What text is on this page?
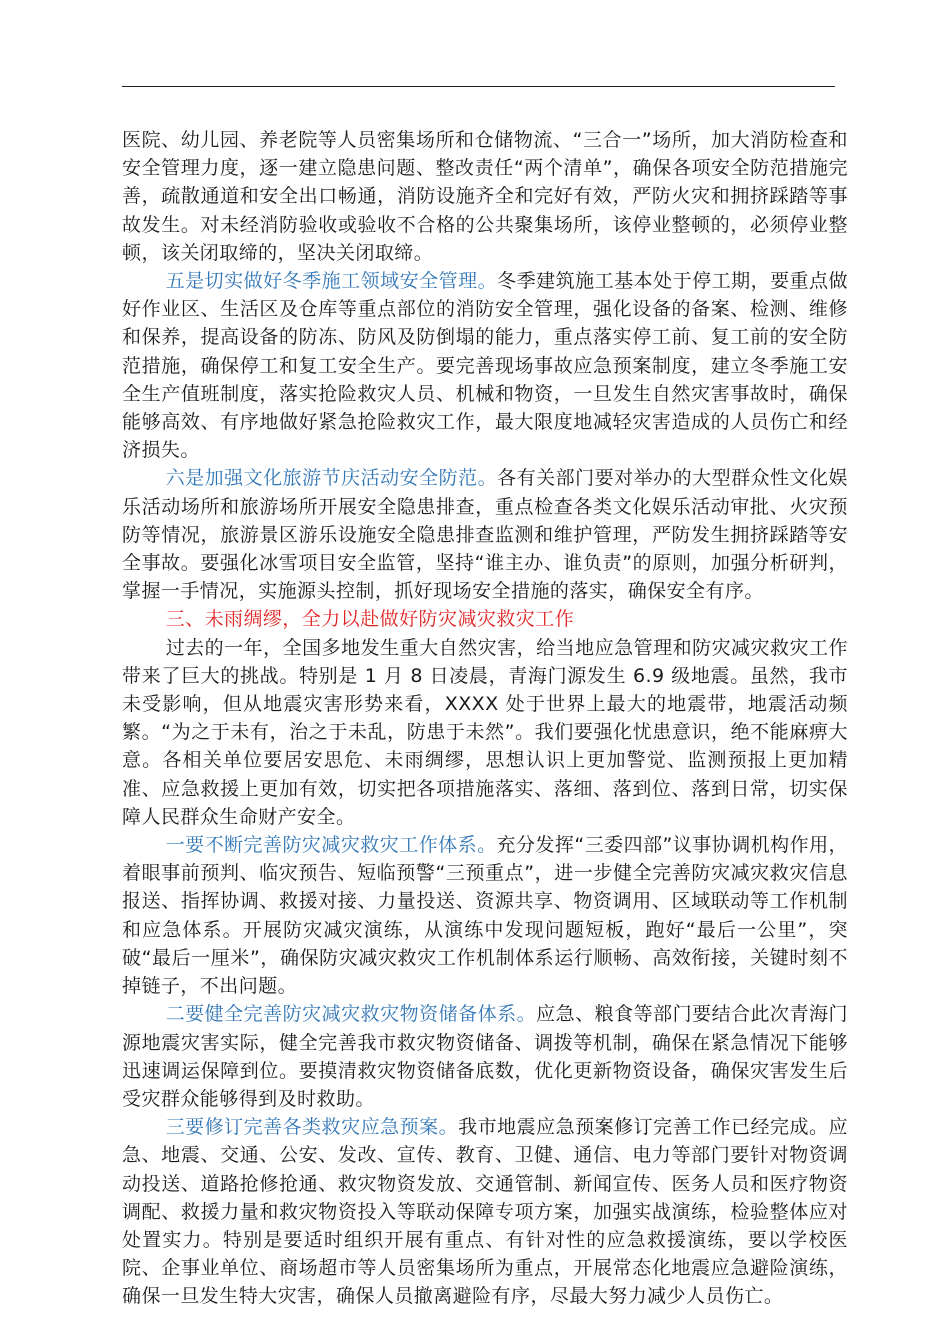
医院、幼儿园、养老院等人员密集场所和仓储物流、“三合一”场所，加大消防检查和安全管理力度，逐一建立隐患问题、整改责任“两个清单”，确保各项安全防范措施完善，疏散通道和安全出口畅通，消防设施齐全和完好有效，严防火灾和拥挤踩踏等事故发生。对未经消防验收或验收不合格的公共聚集场所，该停业整顿的，必须停业整顿，该关闭取缔的，坚决关闭取缔。

五是切实做好冬季施工领域安全管理。冬季建筑施工基本处于停工期，要重点做好作业区、生活区及仓库等重点部位的消防安全管理，强化设备的备案、检测、维修和保养，提高设备的防冻、防风及防倒塌的能力，重点落实停工前、复工前的安全防范措施，确保停工和复工安全生产。要完善现场事故应急预案制度，建立冬季施工安全生产值班制度，落实抢险救灾人员、机械和物资，一旦发生自然灾害事故时，确保能够高效、有序地做好紧急抢险救灾工作，最大限度地减轻灾害造成的人员伤亡和经济损失。

六是加强文化旅游节庆活动安全防范。各有关部门要对举办的大型群众性文化娱乐活动场所和旅游场所开展安全隐患排查，重点检查各类文化娱乐活动审批、火灾预防等情况，旅游景区游乐设施安全隐患排查监测和维护管理，严防发生拥挤踩踏等安全事故。要强化冰雪项目安全监管，坚持“谁主办、谁负责”的原则，加强分析研判，掌握一手情况，实施源头控制，抓好现场安全措施的落实，确保安全有序。

三、未雨绸缪，全力以赴做好防灾减灾救灾工作

过去的一年，全国多地发生重大自然灾害，给当地应急管理和防灾减灾救灾工作带来了巨大的挑战。特别是 1 月 8 日凌晨，青海门源发生 6.9 级地震。虽然，我市未受影响，但从地震灾害形势来看，XXXX 处于世界上最大的地震带，地震活动频繁。“为之于未有，治之于未乱，防患于未然”。我们要强化忧患意识，绝不能麻痹大意。各相关单位要居安思危、未雨绸缪，思想认识上更加警觉、监测预报上更加精准、应急救援上更加有效，切实把各项措施落实、落细、落到位、落到日常，切实保障人民群众生命财产安全。

一要不断完善防灾减灾救灾工作体系。充分发挥“三委四部”议事协调机构作用，着眼事前预判、临灾预告、短临预警“三预重点”，进一步健全完善防灾减灾救灾信息报送、指挥协调、救援对接、力量投送、资源共享、物资调用、区域联动等工作机制和应急体系。开展防灾减灾演练，从演练中发现问题短板，跑好“最后一公里”，突破“最后一厘米”，确保防灾减灾救灾工作机制体系运行顺畅、高效衔接，关键时刻不掉链子，不出问题。

二要健全完善防灾减灾救灾物资储备体系。应急、粮食等部门要结合此次青海门源地震灾害实际，健全完善我市救灾物资储备、调拨等机制，确保在紧急情况下能够迅速调运保障到位。要摸清救灾物资储备底数，优化更新物资设备，确保灾害发生后受灾群众能够得到及时救助。

三要修订完善各类救灾应急预案。我市地震应急预案修订完善工作已经完成。应急、地震、交通、公安、发改、宣传、教育、卫健、通信、电力等部门要针对物资调动投送、道路抢修抢通、救灾物资发放、交通管制、新闻宣传、医务人员和医疗物资调配、救援力量和救灾物资投入等联动保障专项方案，加强实战演练，检验整体应对处置实力。特别是要适时组织开展有重点、有针对性的应急救援演练，要以学校医院、企事业单位、商场超市等人员密集场所为重点，开展常态化地震应急避险演练，确保一旦发生特大灾害，确保人员撤离避险有序，尽最大努力减少人员伤亡。
